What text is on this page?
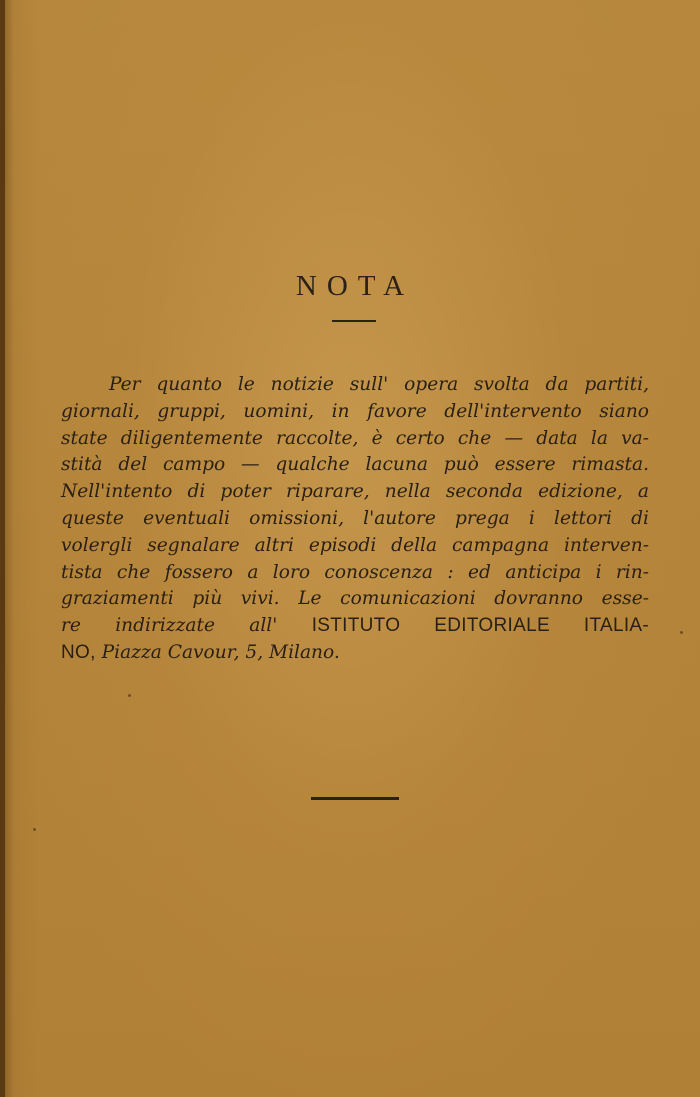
NOTA
Per quanto le notizie sull' opera svolta da partiti,
giornali, gruppi, uomini, in favore dell'intervento siano
state diligentemente raccolte, è certo che — data la va-
stità del campo — qualche lacuna può essere rimasta.
Nell'intento di poter riparare, nella seconda edizione, a
queste eventuali omissioni, l'autore prega i lettori di
volergli segnalare altri episodi della campagna interven-
tista che fossero a loro conoscenza : ed anticipa i rin-
graziamenti più vivi. Le comunicazioni dovranno esse-
re indirizzate all' ISTITUTO EDITORIALE ITALIA-
NO, Piazza Cavour, 5, Milano.
